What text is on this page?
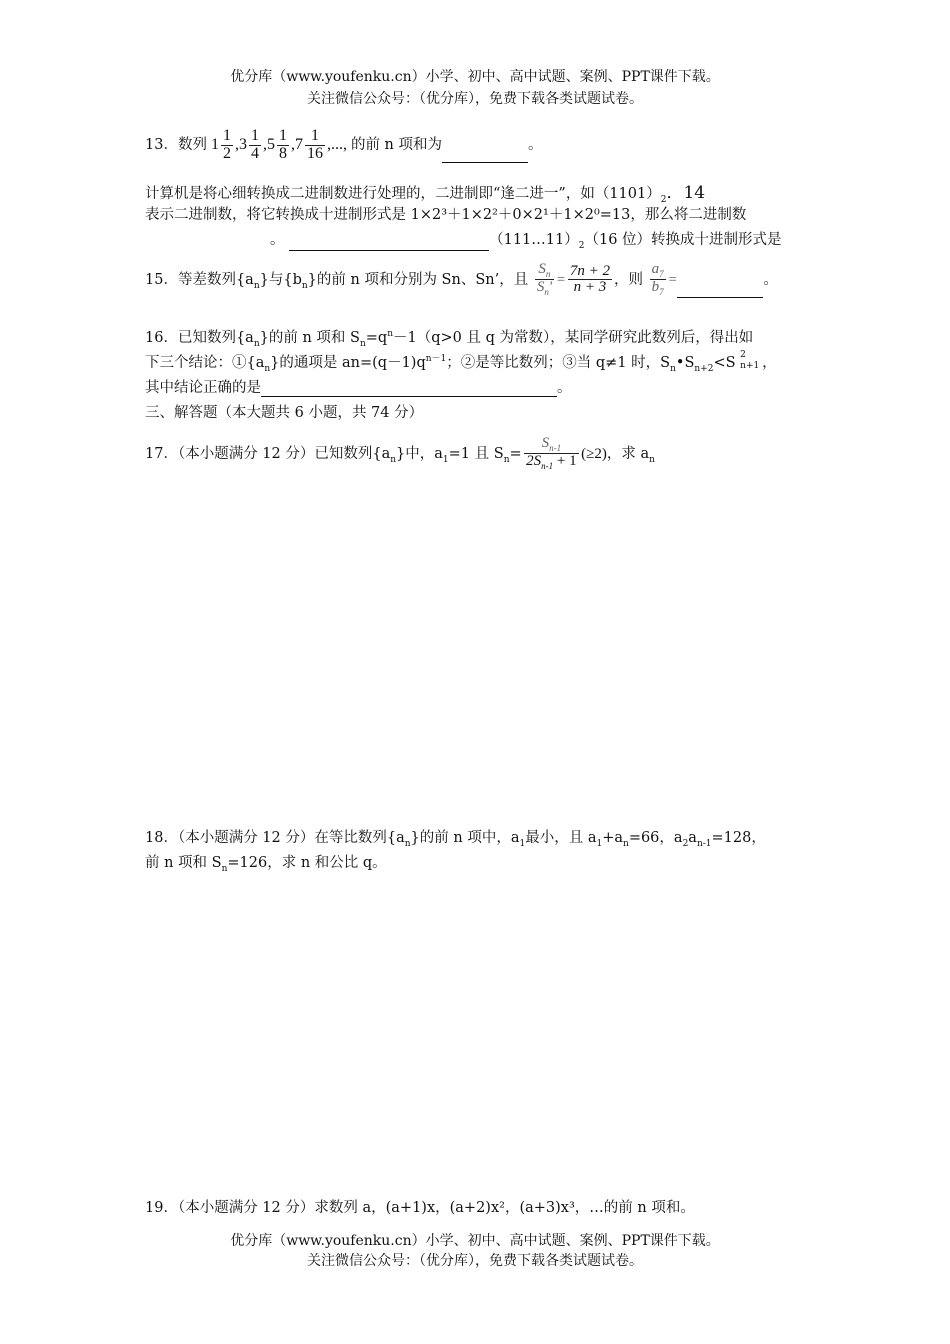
优分库（www.youfenku.cn）小学、初中、高中试题、案例、PPT课件下载。
关注微信公众号：（优分库），免费下载各类试题试卷。
13．数列 $1 \frac{1}{2} ,3 \frac{1}{4} ,5 \frac{1}{8} ,7 \frac{1}{16}$ ,..., 的前 n 项和为	。
计算机是将心细转换成二进制数进行处理的，二进制即“逢二进一”，如$(1101)_2$．14
表示二进制数，将它转换成十进制形式是 1×2³＋1×2²＋0×2¹＋1×2⁰=13，那么将二进制数
。	$(111\dots 11)_2(16$ 位）转换成十进制形式是
15．等差数列$\{a_n\}$与$\{b_n\}$的前 n 项和分别为 Sn、Sn’，且 $\frac{S_n}{S_n'} = \frac{7n + 2}{n + 3}$ ，则 $\frac{a_7}{b_7}$ =	。
16．已知数列$\{a_n\}$的前 n 项和 $S_n=q^n-1(q>0$ 且 q 为常数），某同学研究此数列后，得出如
下三个结论：$①\{a_n\}$的通项是 $an=(q-1)q^{n-1}$；②是等比数列；③当 q≠1 时，$S_n•S_{n+2}<S$ 2
n+1 ，
其中结论正确的是	。
三、解答题（本大题共 6 小题，共 74 分）
17．（本小题满分 12 分）已知数列$\{a_n\}$中，$a_1=1$ 且 $S_n= \frac{S_{n-1}}{2S_{n-1} + 1} (\ge 2)$，求 $a_n$
18．（本小题满分 12 分）在等比数列$\{a_n\}$的前 n 项中，$a_1$最小，且 $a_1+a_n=66$，$a_2a_{n-1}=128$，
前 n 项和 $S_n=126$，求 n 和公比 q。
19．（本小题满分 12 分）求数列 a，(a+1)x，(a+2)x²，(a+3)x³，…的前 n 项和。
优分库（www.youfenku.cn）小学、初中、高中试题、案例、PPT课件下载。
关注微信公众号：（优分库），免费下载各类试题试卷。
